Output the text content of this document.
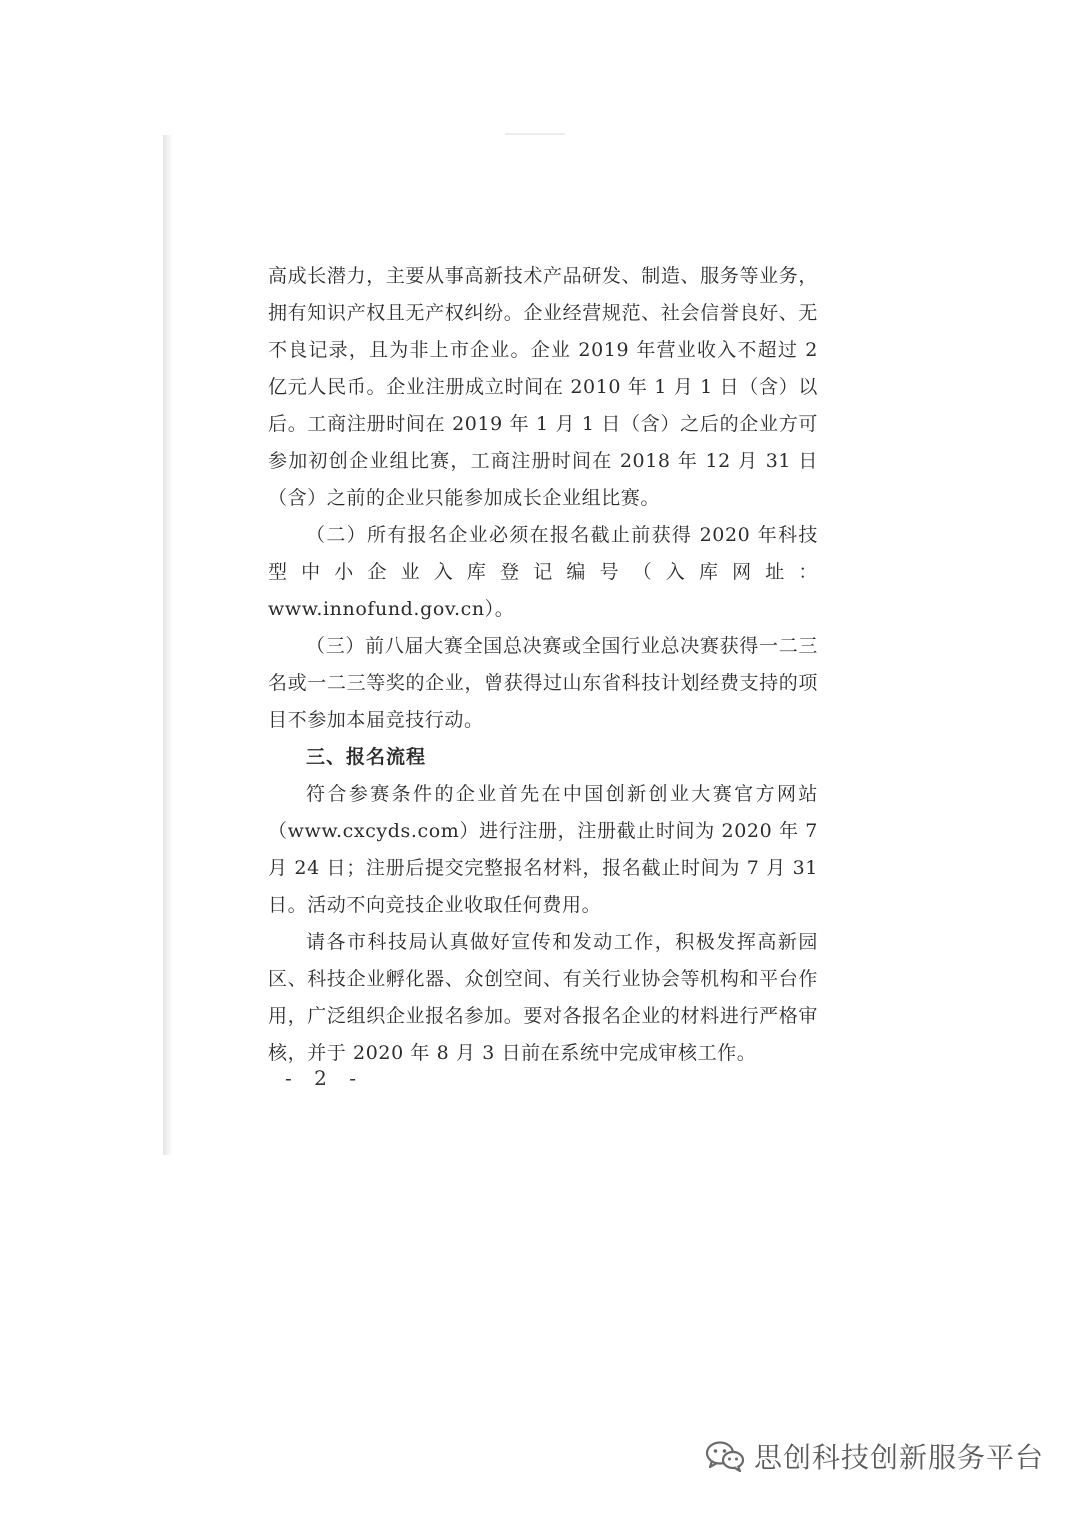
高成长潜力，主要从事高新技术产品研发、制造、服务等业务，拥有知识产权且无产权纠纷。企业经营规范、社会信誉良好、无不良记录，且为非上市企业。企业 2019 年营业收入不超过 2 亿元人民币。企业注册成立时间在 2010 年 1 月 1 日（含）以后。工商注册时间在 2019 年 1 月 1 日（含）之后的企业方可参加初创企业组比赛，工商注册时间在 2018 年 12 月 31 日（含）之前的企业只能参加成长企业组比赛。

（二）所有报名企业必须在报名截止前获得 2020 年科技型中小企业入库登记编号（入库网址：www.innofund.gov.cn）。

（三）前八届大赛全国总决赛或全国行业总决赛获得一二三名或一二三等奖的企业，曾获得过山东省科技计划经费支持的项目不参加本届竞技行动。

三、报名流程

符合参赛条件的企业首先在中国创新创业大赛官方网站（www.cxcyds.com）进行注册，注册截止时间为 2020 年 7 月 24 日；注册后提交完整报名材料，报名截止时间为 7 月 31 日。活动不向竞技企业收取任何费用。

请各市科技局认真做好宣传和发动工作，积极发挥高新园区、科技企业孵化器、众创空间、有关行业协会等机构和平台作用，广泛组织企业报名参加。要对各报名企业的材料进行严格审核，并于 2020 年 8 月 3 日前在系统中完成审核工作。

- 2 -
思创科技创新服务平台
